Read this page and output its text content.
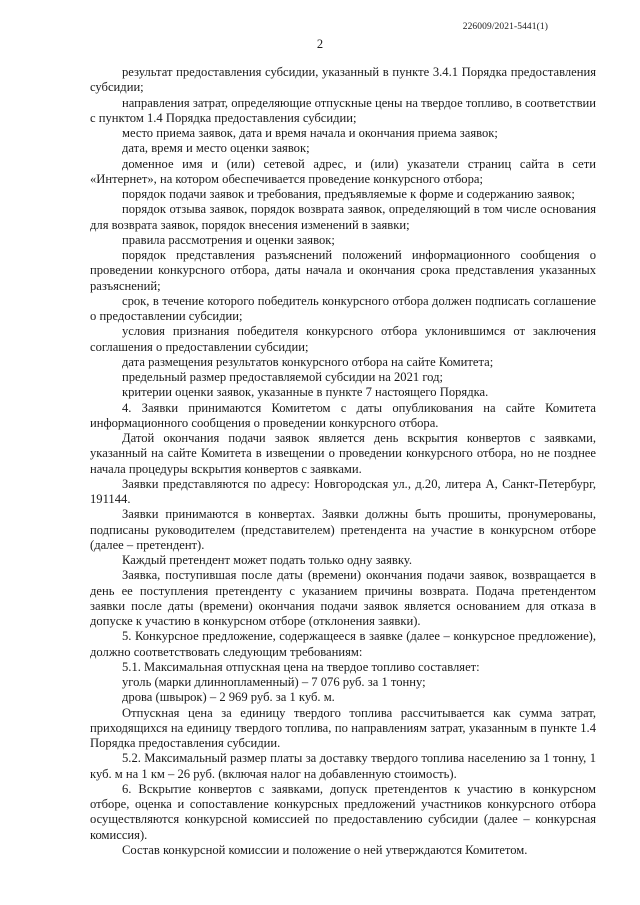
226009/2021-5441(1)
2

результат предоставления субсидии, указанный в пункте 3.4.1 Порядка предоставления субсидии;

направления затрат, определяющие отпускные цены на твердое топливо, в соответствии с пунктом 1.4 Порядка предоставления субсидии;

место приема заявок, дата и время начала и окончания приема заявок;

дата, время и место оценки заявок;

доменное имя и (или) сетевой адрес, и (или) указатели страниц сайта в сети «Интернет», на котором обеспечивается проведение конкурсного отбора;

порядок подачи заявок и требования, предъявляемые к форме и содержанию заявок;

порядок отзыва заявок, порядок возврата заявок, определяющий в том числе основания для возврата заявок, порядок внесения изменений в заявки;

правила рассмотрения и оценки заявок;

порядок представления разъяснений положений информационного сообщения о проведении конкурсного отбора, даты начала и окончания срока представления указанных разъяснений;

срок, в течение которого победитель конкурсного отбора должен подписать соглашение о предоставлении субсидии;

условия признания победителя конкурсного отбора уклонившимся от заключения соглашения о предоставлении субсидии;

дата размещения результатов конкурсного отбора на сайте Комитета;

предельный размер предоставляемой субсидии на 2021 год;

критерии оценки заявок, указанные в пункте 7 настоящего Порядка.

4. Заявки принимаются Комитетом с даты опубликования на сайте Комитета информационного сообщения о проведении конкурсного отбора.

Датой окончания подачи заявок является день вскрытия конвертов с заявками, указанный на сайте Комитета в извещении о проведении конкурсного отбора, но не позднее начала процедуры вскрытия конвертов с заявками.

Заявки представляются по адресу: Новгородская ул., д.20, литера А, Санкт-Петербург, 191144.

Заявки принимаются в конвертах. Заявки должны быть прошиты, пронумерованы, подписаны руководителем (представителем) претендента на участие в конкурсном отборе (далее – претендент).

Каждый претендент может подать только одну заявку.

Заявка, поступившая после даты (времени) окончания подачи заявок, возвращается в день ее поступления претенденту с указанием причины возврата. Подача претендентом заявки после даты (времени) окончания подачи заявок является основанием для отказа в допуске к участию в конкурсном отборе (отклонения заявки).

5. Конкурсное предложение, содержащееся в заявке (далее – конкурсное предложение), должно соответствовать следующим требованиям:

5.1. Максимальная отпускная цена на твердое топливо составляет:

уголь (марки длиннопламенный) – 7 076 руб. за 1 тонну;

дрова (швырок) – 2 969 руб. за 1 куб. м.

Отпускная цена за единицу твердого топлива рассчитывается как сумма затрат, приходящихся на единицу твердого топлива, по направлениям затрат, указанным в пункте 1.4 Порядка предоставления субсидии.

5.2. Максимальный размер платы за доставку твердого топлива населению за 1 тонну, 1 куб. м на 1 км – 26 руб. (включая налог на добавленную стоимость).

6. Вскрытие конвертов с заявками, допуск претендентов к участию в конкурсном отборе, оценка и сопоставление конкурсных предложений участников конкурсного отбора осуществляются конкурсной комиссией по предоставлению субсидии (далее – конкурсная комиссия).

Состав конкурсной комиссии и положение о ней утверждаются Комитетом.
